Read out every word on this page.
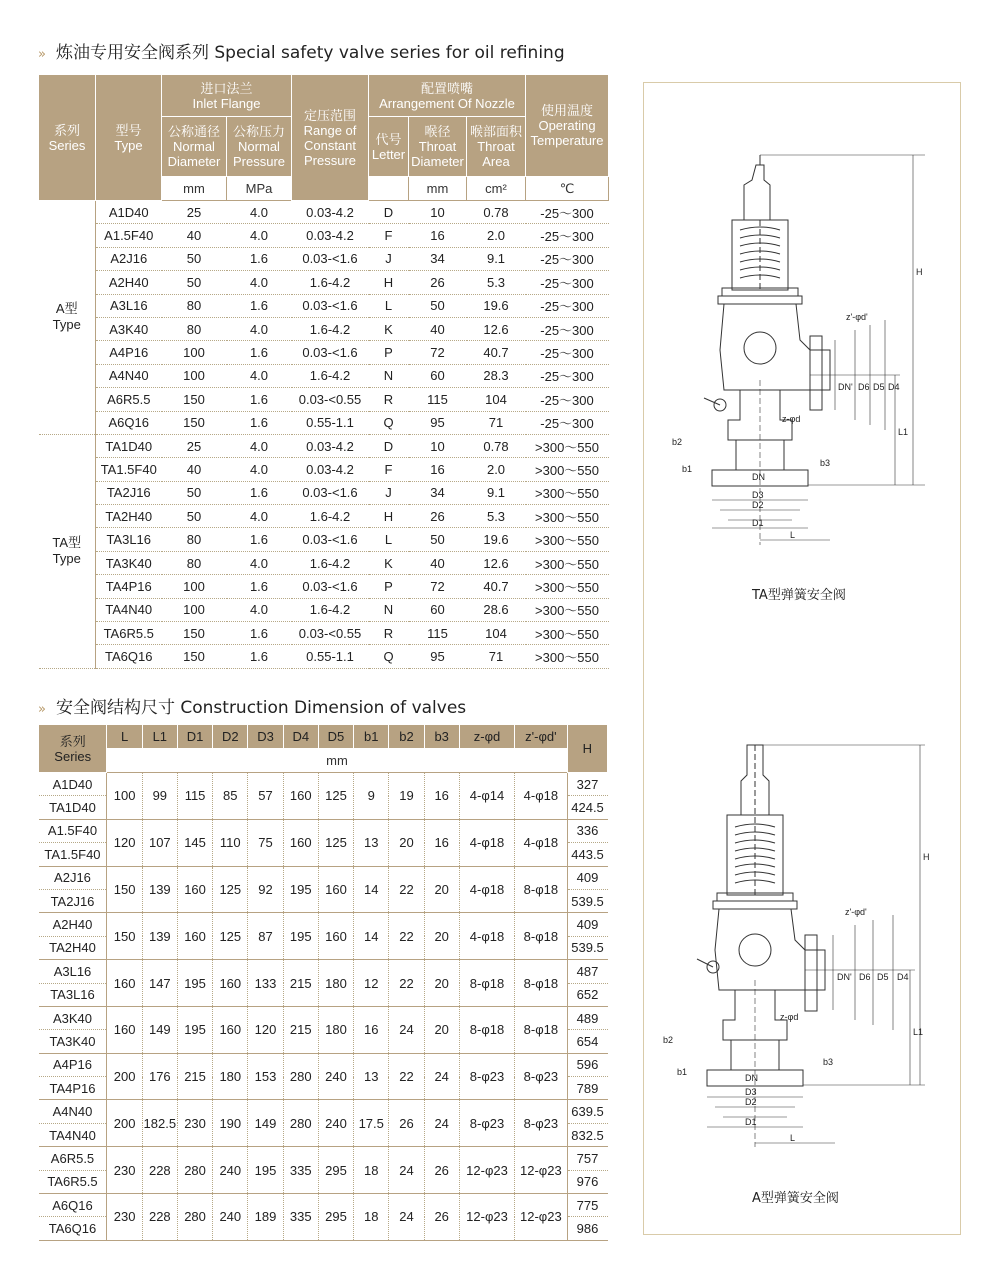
» 炼油专用安全阀系列 Special safety valve series for oil refining
系列
Series	型号
Type	进口法兰
Inlet Flange		定压范围
Range of
Constant
Pressure	配置喷嘴
Arrangement Of Nozzle			使用温度
Operating
Temperature

		公称通径
Normal
Diameter	公称压力
Normal
Pressure		代号
Letter	喉径
Throat
Diameter	喉部面积
Throat
Area	

		mm	MPa			mm	cm²	℃

A型
Type	A1D40	25	4.0	0.03-4.2	D	10	0.78	-25～300
	A1.5F40	40	4.0	0.03-4.2	F	16	2.0	-25～300
	A2J16	50	1.6	0.03-<1.6	J	34	9.1	-25～300
	A2H40	50	4.0	1.6-4.2	H	26	5.3	-25～300
	A3L16	80	1.6	0.03-<1.6	L	50	19.6	-25～300
	A3K40	80	4.0	1.6-4.2	K	40	12.6	-25～300
	A4P16	100	1.6	0.03-<1.6	P	72	40.7	-25～300
	A4N40	100	4.0	1.6-4.2	N	60	28.3	-25～300
	A6R5.5	150	1.6	0.03-<0.55	R	115	104	-25～300
	A6Q16	150	1.6	0.55-1.1	Q	95	71	-25～300

TA型
Type	TA1D40	25	4.0	0.03-4.2	D	10	0.78	>300～550
	TA1.5F40	40	4.0	0.03-4.2	F	16	2.0	>300～550
	TA2J16	50	1.6	0.03-<1.6	J	34	9.1	>300～550
	TA2H40	50	4.0	1.6-4.2	H	26	5.3	>300～550
	TA3L16	80	1.6	0.03-<1.6	L	50	19.6	>300～550
	TA3K40	80	4.0	1.6-4.2	K	40	12.6	>300～550
	TA4P16	100	1.6	0.03-<1.6	P	72	40.7	>300～550
	TA4N40	100	4.0	1.6-4.2	N	60	28.6	>300～550
	TA6R5.5	150	1.6	0.03-<0.55	R	115	104	>300～550
	TA6Q16	150	1.6	0.55-1.1	Q	95	71	>300～550
» 安全阀结构尺寸 Construction Dimension of valves
系列
Series	L	L1	D1	D2	D3	D4	D5	b1	b2	b3	z-φd	z'-φd'	H
	mm												
A1D40	100	99	115	85	57	160	125	9	19	16	4-φ14	4-φ18	327
TA1D40													424.5
A1.5F40	120	107	145	110	75	160	125	13	20	16	4-φ18	4-φ18	336
TA1.5F40													443.5
A2J16	150	139	160	125	92	195	160	14	22	20	4-φ18	8-φ18	409
TA2J16													539.5
A2H40	150	139	160	125	87	195	160	14	22	20	4-φ18	8-φ18	409
TA2H40													539.5
A3L16	160	147	195	160	133	215	180	12	22	20	8-φ18	8-φ18	487
TA3L16													652
A3K40	160	149	195	160	120	215	180	16	24	20	8-φ18	8-φ18	489
TA3K40													654
A4P16	200	176	215	180	153	280	240	13	22	24	8-φ23	8-φ23	596
TA4P16													789
A4N40	200	182.5	230	190	149	280	240	17.5	26	24	8-φ23	8-φ23	639.5
TA4N40													832.5
A6R5.5	230	228	280	240	195	335	295	18	24	26	12-φ23	12-φ23	757
TA6R5.5													976
A6Q16	230	228	280	240	189	335	295	18	24	26	12-φ23	12-φ23	775
TA6Q16													986
H
L1
L
D1
D2
D3
D4
D5
D6
DN'
DN
b1
b2
b3
z-φd
z'-φd'
TA型弹簧安全阀
H
L1
L
D1
D2
D3
D4
D5
D6
DN'
DN
b1
b2
b3
z-φd
z'-φd'
A型弹簧安全阀
